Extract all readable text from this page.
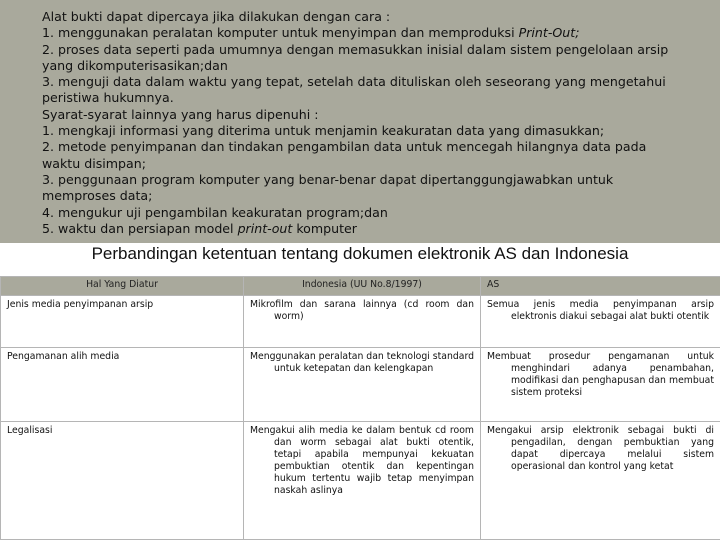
Alat bukti dapat dipercaya jika dilakukan dengan cara :
1. menggunakan peralatan komputer untuk menyimpan dan memproduksi Print-Out;
2. proses data seperti pada umumnya dengan memasukkan inisial dalam sistem pengelolaan arsip
yang dikomputerisasikan;dan
3. menguji data dalam waktu yang tepat, setelah data dituliskan oleh seseorang yang mengetahui
peristiwa hukumnya.
Syarat-syarat lainnya yang harus dipenuhi :
1. mengkaji informasi yang diterima untuk menjamin keakuratan data yang dimasukkan;
2. metode penyimpanan dan tindakan pengambilan data untuk mencegah hilangnya data pada
waktu disimpan;
3. penggunaan program komputer yang benar-benar dapat dipertanggungjawabkan untuk
memproses data;
4. mengukur uji pengambilan keakuratan program;dan
5. waktu dan persiapan model print-out komputer
Perbandingan ketentuan tentang dokumen elektronik AS dan Indonesia
Hal Yang Diatur	Indonesia (UU No.8/1997)	AS
Jenis media penyimpanan arsip	Mikrofilm dan sarana lainnya (cd room dan worm)	Semua jenis media penyimpanan arsip elektronis diakui sebagai alat bukti otentik

Pengamanan alih media	Menggunakan peralatan dan teknologi standard untuk ketepatan dan kelengkapan	Membuat prosedur pengamanan untuk menghindari adanya penambahan, modifikasi dan penghapusan dan membuat sistem proteksi

Legalisasi	Mengakui alih media ke dalam bentuk cd room dan worm sebagai alat bukti otentik, tetapi apabila mempunyai kekuatan pembuktian otentik dan kepentingan hukum tertentu wajib tetap menyimpan naskah aslinya	Mengakui arsip elektronik sebagai bukti di pengadilan, dengan pembuktian yang dapat dipercaya melalui sistem operasional dan kontrol yang ketat
